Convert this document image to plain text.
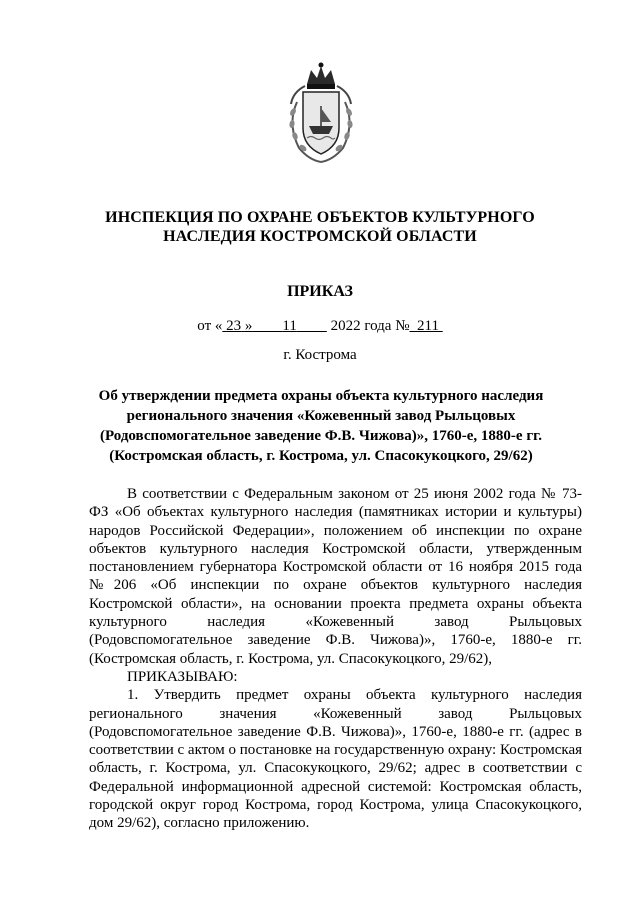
ИНСПЕКЦИЯ ПО ОХРАНЕ ОБЪЕКТОВ КУЛЬТУРНОГО
НАСЛЕДИЯ КОСТРОМСКОЙ ОБЛАСТИ
ПРИКАЗ
от « 23 » 11 2022 года № 211
г. Кострома
Об утверждении предмета охраны объекта культурного наследия
регионального значения «Кожевенный завод Рыльцовых
(Родовспомогательное заведение Ф.В. Чижова)», 1760-е, 1880-е гг.
(Костромская область, г. Кострома, ул. Спасокукоцкого, 29/62)

В соответствии с Федеральным законом от 25 июня 2002 года № 73-ФЗ «Об объектах культурного наследия (памятниках истории и культуры) народов Российской Федерации», положением об инспекции по охране объектов культурного наследия Костромской области, утвержденным постановлением губернатора Костромской области от 16 ноября 2015 года №206 «Об инспекции по охране объектов культурного наследия Костромской области», на основании проекта предмета охраны объекта культурного наследия «Кожевенный завод Рыльцовых (Родовспомогательное заведение Ф.В. Чижова)», 1760-е, 1880-е гг. (Костромская область, г. Кострома, ул. Спасокукоцкого, 29/62),

ПРИКАЗЫВАЮ:

1. Утвердить предмет охраны объекта культурного наследия регионального значения «Кожевенный завод Рыльцовых (Родовспомогательное заведение Ф.В. Чижова)», 1760-е, 1880-е гг. (адрес в соответствии с актом о постановке на государственную охрану: Костромская область, г. Кострома, ул. Спасокукоцкого, 29/62; адрес в соответствии с Федеральной информационной адресной системой: Костромская область, городской округ город Кострома, город Кострома, улица Спасокукоцкого, дом 29/62), согласно приложению.
